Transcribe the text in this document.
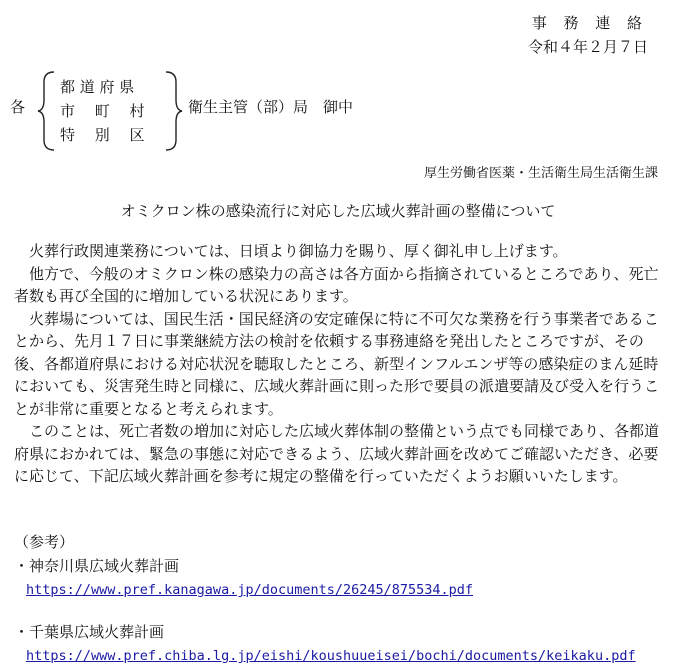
事 務 連 絡
令和４年２月７日
各
都 道 府 県
市　 町　 村
特　 別　 区
衛生主管（部）局　御中
厚生労働省医薬・生活衛生局生活衛生課
オミクロン株の感染流行に対応した広域火葬計画の整備について

　火葬行政関連業務については、日頃より御協力を賜り、厚く御礼申し上げます。

　他方で、今般のオミクロン株の感染力の高さは各方面から指摘されているところであり、死亡者数も再び全国的に増加している状況にあります。

　火葬場については、国民生活・国民経済の安定確保に特に不可欠な業務を行う事業者であることから、先月１７日に事業継続方法の検討を依頼する事務連絡を発出したところですが、その後、各都道府県における対応状況を聴取したところ、新型インフルエンザ等の感染症のまん延時においても、災害発生時と同様に、広域火葬計画に則った形で要員の派遣要請及び受入を行うことが非常に重要となると考えられます。

　このことは、死亡者数の増加に対応した広域火葬体制の整備という点でも同様であり、各都道府県におかれては、緊急の事態に対応できるよう、広域火葬計画を改めてご確認いただき、必要に応じて、下記広域火葬計画を参考に規定の整備を行っていただくようお願いいたします。

（参考）
・神奈川県広域火葬計画
https://www.pref.kanagawa.jp/documents/26245/875534.pdf
・千葉県広域火葬計画
https://www.pref.chiba.lg.jp/eishi/koushuueisei/bochi/documents/keikaku.pdf
